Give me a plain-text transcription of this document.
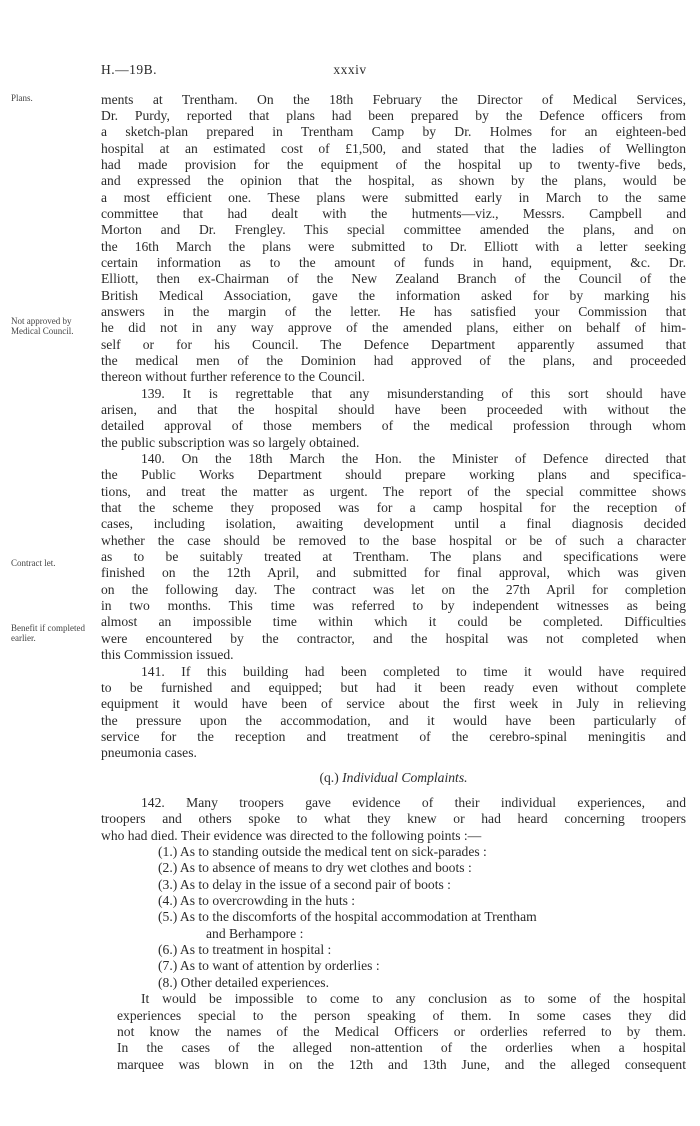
H.—19B.	xxxiv
Plans.
Not approved by Medical Council.
Contract let.
Benefit if completed earlier.
ments at Trentham. On the 18th February the Director of Medical Services,
Dr. Purdy, reported that plans had been prepared by the Defence officers from
a sketch-plan prepared in Trentham Camp by Dr. Holmes for an eighteen-bed
hospital at an estimated cost of £1,500, and stated that the ladies of Wellington
had made provision for the equipment of the hospital up to twenty-five beds,
and expressed the opinion that the hospital, as shown by the plans, would be
a most efficient one. These plans were submitted early in March to the same
committee that had dealt with the hutments—viz., Messrs. Campbell and
Morton and Dr. Frengley. This special committee amended the plans, and on
the 16th March the plans were submitted to Dr. Elliott with a letter seeking
certain information as to the amount of funds in hand, equipment, &c. Dr.
Elliott, then ex-Chairman of the New Zealand Branch of the Council of the
British Medical Association, gave the information asked for by marking his
answers in the margin of the letter. He has satisfied your Commission that
he did not in any way approve of the amended plans, either on behalf of him-
self or for his Council. The Defence Department apparently assumed that
the medical men of the Dominion had approved of the plans, and proceeded
thereon without further reference to the Council.
139. It is regrettable that any misunderstanding of this sort should have
arisen, and that the hospital should have been proceeded with without the
detailed approval of those members of the medical profession through whom
the public subscription was so largely obtained.
140. On the 18th March the Hon. the Minister of Defence directed that
the Public Works Department should prepare working plans and specifica-
tions, and treat the matter as urgent. The report of the special committee shows
that the scheme they proposed was for a camp hospital for the reception of
cases, including isolation, awaiting development until a final diagnosis decided
whether the case should be removed to the base hospital or be of such a character
as to be suitably treated at Trentham. The plans and specifications were
finished on the 12th April, and submitted for final approval, which was given
on the following day. The contract was let on the 27th April for completion
in two months. This time was referred to by independent witnesses as being
almost an impossible time within which it could be completed. Difficulties
were encountered by the contractor, and the hospital was not completed when
this Commission issued.
141. If this building had been completed to time it would have required
to be furnished and equipped; but had it been ready even without complete
equipment it would have been of service about the first week in July in relieving
the pressure upon the accommodation, and it would have been particularly of
service for the reception and treatment of the cerebro-spinal meningitis and
pneumonia cases.
(q.) Individual Complaints.
142. Many troopers gave evidence of their individual experiences, and
troopers and others spoke to what they knew or had heard concerning troopers
who had died. Their evidence was directed to the following points :—
(1.) As to standing outside the medical tent on sick-parades :
(2.) As to absence of means to dry wet clothes and boots :
(3.) As to delay in the issue of a second pair of boots :
(4.) As to overcrowding in the huts :
(5.) As to the discomforts of the hospital accommodation at Trentham
and Berhampore :
(6.) As to treatment in hospital :
(7.) As to want of attention by orderlies :
(8.) Other detailed experiences.
It would be impossible to come to any conclusion as to some of the hospital
experiences special to the person speaking of them. In some cases they did
not know the names of the Medical Officers or orderlies referred to by them.
In the cases of the alleged non-attention of the orderlies when a hospital
marquee was blown in on the 12th and 13th June, and the alleged consequent
